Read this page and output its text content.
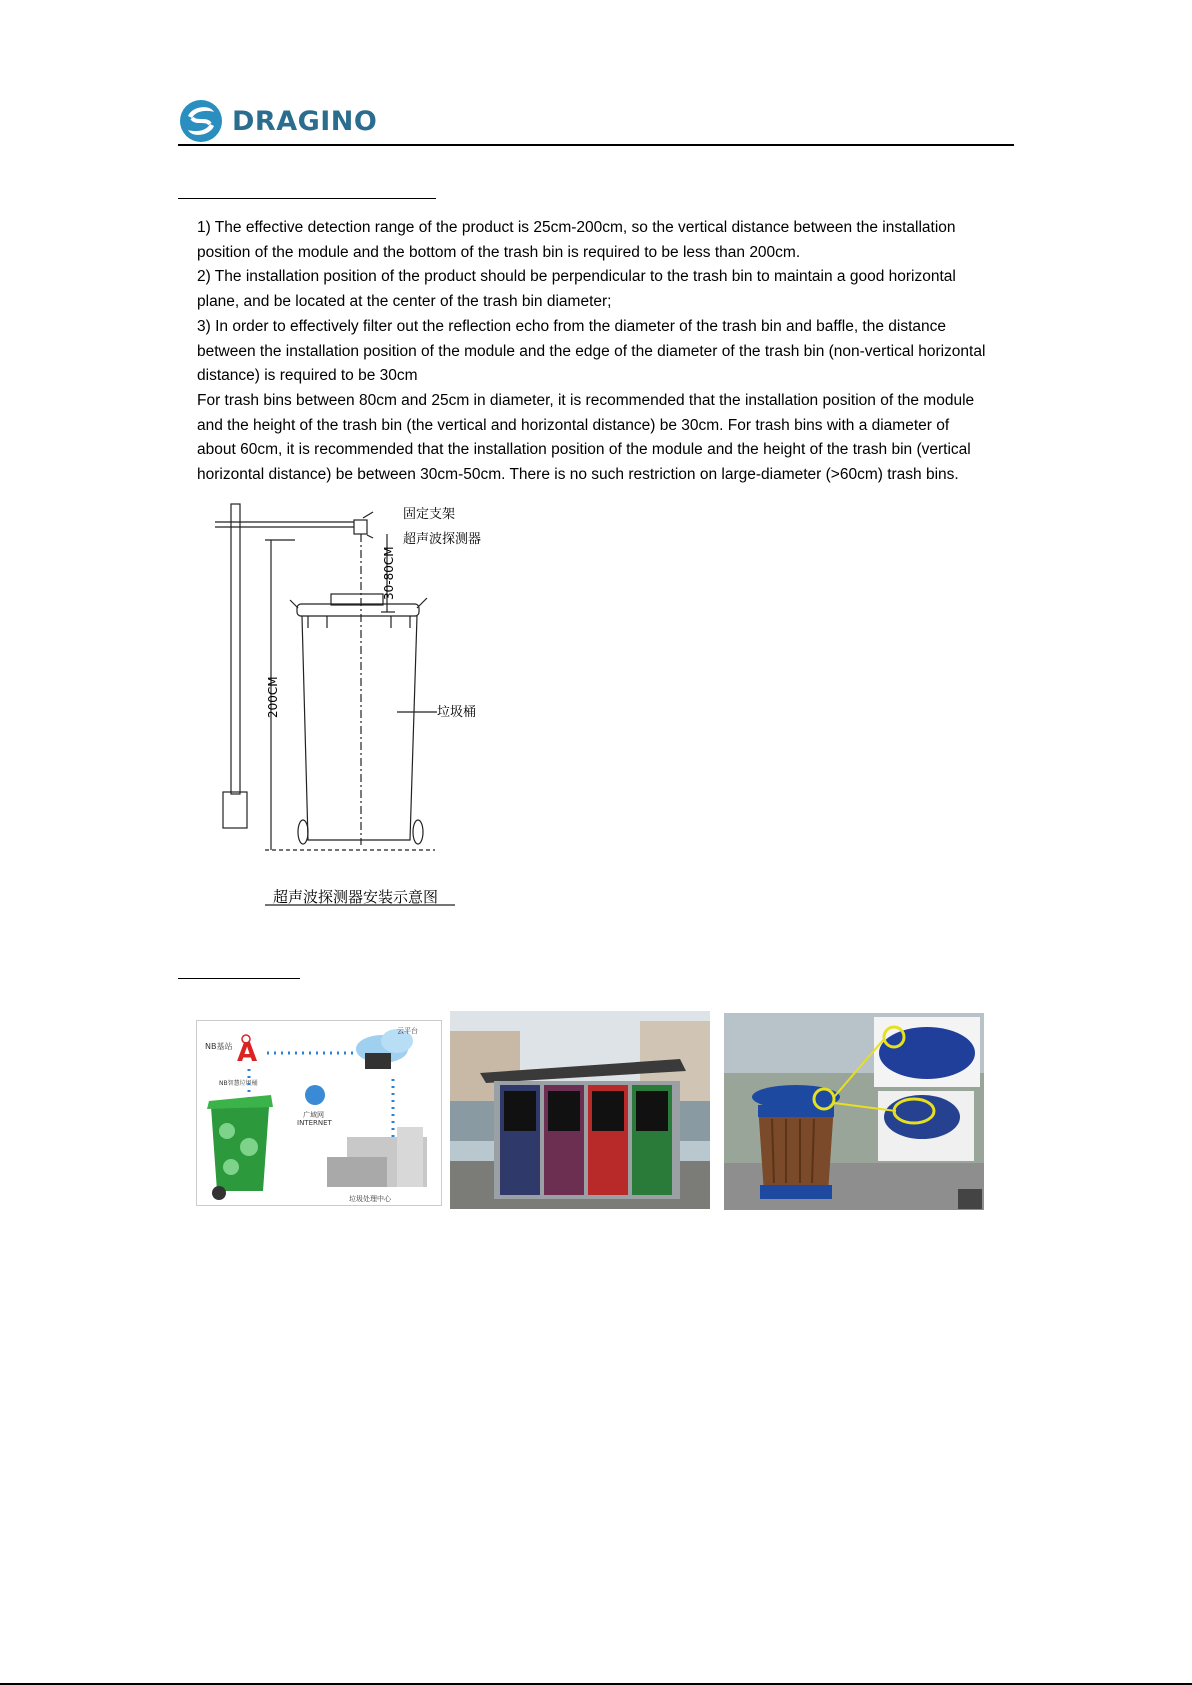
DRAGINO
1) The effective detection range of the product is 25cm-200cm, so the vertical distance between the installation
position of the module and the bottom of the trash bin is required to be less than 200cm.
2) The installation position of the product should be perpendicular to the trash bin to maintain a good horizontal
plane, and be located at the center of the trash bin diameter;
3) In order to effectively filter out the reflection echo from the diameter of the trash bin and baffle, the distance
between the installation position of the module and the edge of the diameter of the trash bin (non-vertical horizontal
distance) is required to be 30cm
For trash bins between 80cm and 25cm in diameter, it is recommended that the installation position of the module
and the height of the trash bin (the vertical and horizontal distance) be 30cm. For trash bins with a diameter of
about 60cm, it is recommended that the installation position of the module and the height of the trash bin (vertical
horizontal distance) be between 30cm-50cm. There is no such restriction on large-diameter (>60cm) trash bins.
固定支架
超声波探测器
30-80CM
200CM	垃圾桶
超声波探测器安装示意图
A
NB基站
NB智慧垃圾桶
云平台
广域网
INTERNET
垃圾处理中心
